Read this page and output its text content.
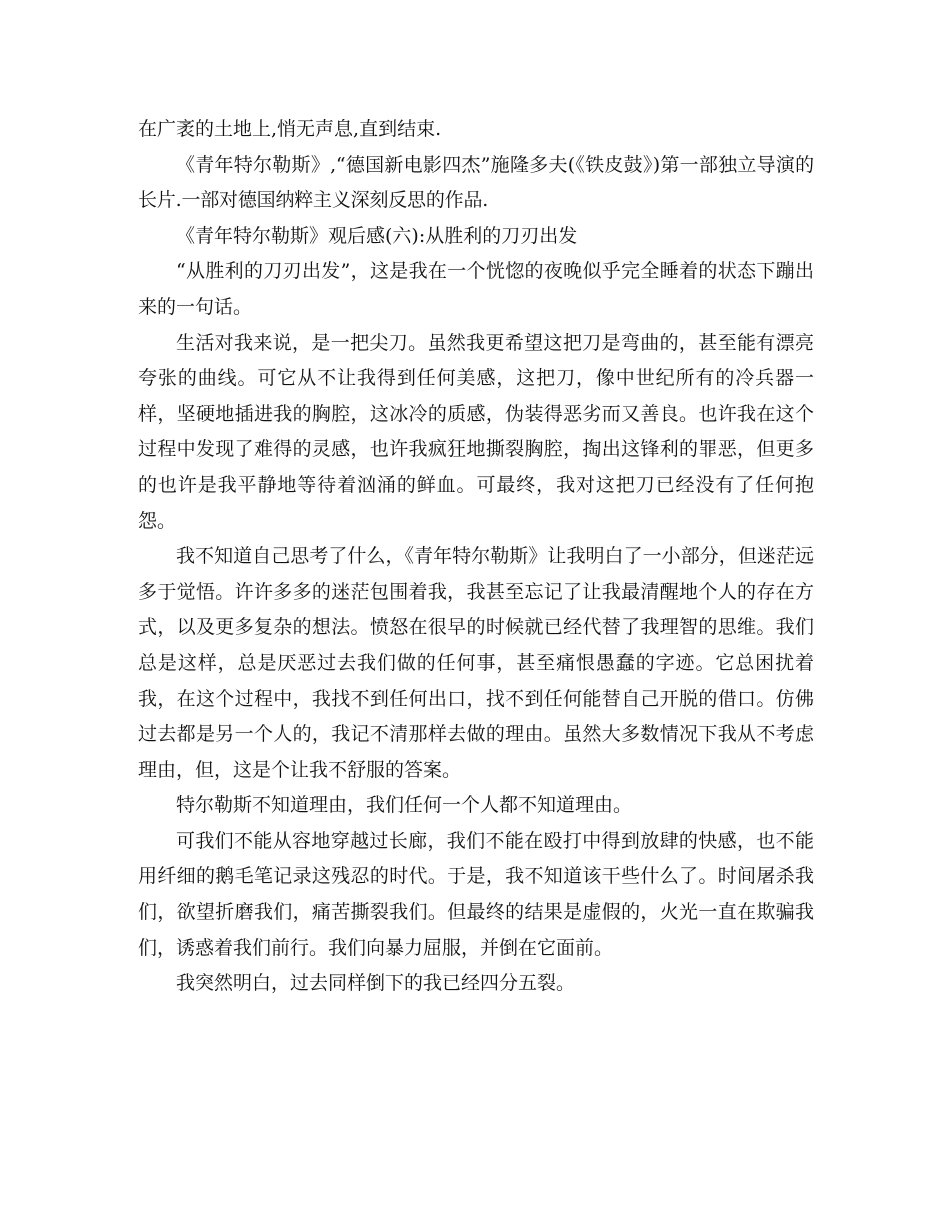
在广袤的土地上,悄无声息,直到结束.

《青年特尔勒斯》,“德国新电影四杰”施隆多夫(《铁皮鼓》)第一部独立导演的长片.一部对德国纳粹主义深刻反思的作品.

《青年特尔勒斯》观后感(六):从胜利的刀刃出发

“从胜利的刀刃出发”，这是我在一个恍惚的夜晚似乎完全睡着的状态下蹦出来的一句话。

生活对我来说，是一把尖刀。虽然我更希望这把刀是弯曲的，甚至能有漂亮夸张的曲线。可它从不让我得到任何美感，这把刀，像中世纪所有的冷兵器一样，坚硬地插进我的胸腔，这冰冷的质感，伪装得恶劣而又善良。也许我在这个过程中发现了难得的灵感，也许我疯狂地撕裂胸腔，掏出这锋利的罪恶，但更多的也许是我平静地等待着汹涌的鲜血。可最终，我对这把刀已经没有了任何抱怨。

我不知道自己思考了什么，《青年特尔勒斯》让我明白了一小部分，但迷茫远多于觉悟。许许多多的迷茫包围着我，我甚至忘记了让我最清醒地个人的存在方式，以及更多复杂的想法。愤怒在很早的时候就已经代替了我理智的思维。我们总是这样，总是厌恶过去我们做的任何事，甚至痛恨愚蠢的字迹。它总困扰着我，在这个过程中，我找不到任何出口，找不到任何能替自己开脱的借口。仿佛过去都是另一个人的，我记不清那样去做的理由。虽然大多数情况下我从不考虑理由，但，这是个让我不舒服的答案。

特尔勒斯不知道理由，我们任何一个人都不知道理由。

可我们不能从容地穿越过长廊，我们不能在殴打中得到放肆的快感，也不能用纤细的鹅毛笔记录这残忍的时代。于是，我不知道该干些什么了。时间屠杀我们，欲望折磨我们，痛苦撕裂我们。但最终的结果是虚假的，火光一直在欺骗我们，诱惑着我们前行。我们向暴力屈服，并倒在它面前。

我突然明白，过去同样倒下的我已经四分五裂。
